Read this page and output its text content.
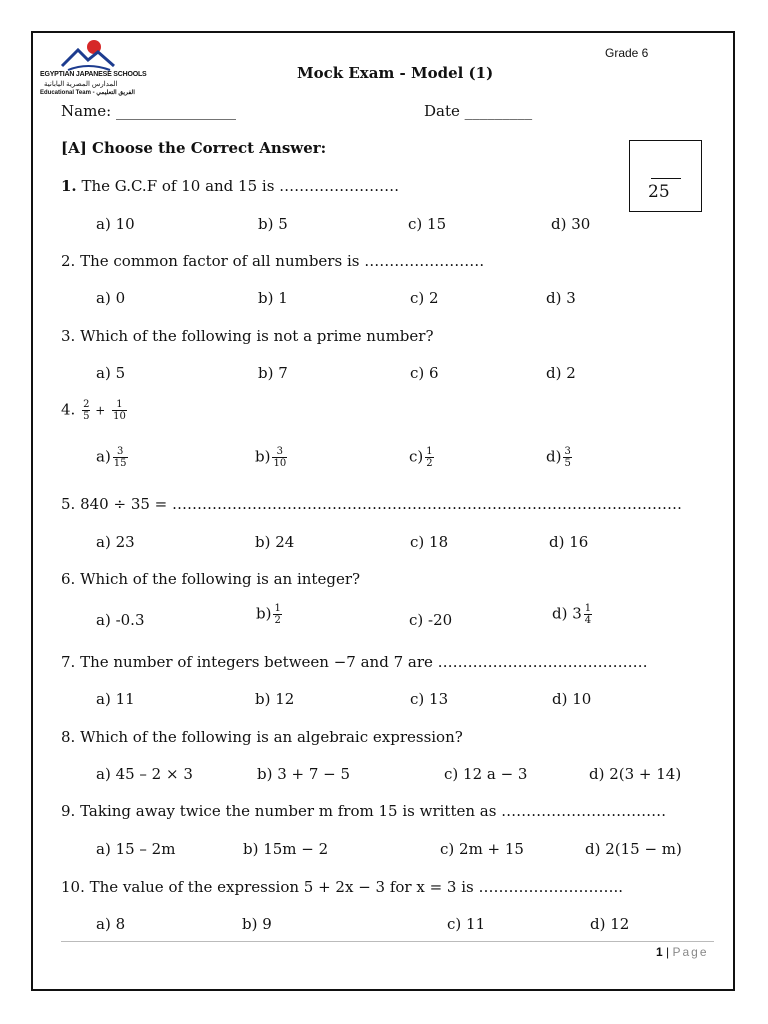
EGYPTIAN JAPANESE SCHOOLS
المدارس المصرية اليابانية
Educational Team - الفريق التعليمي
Grade 6
Mock Exam - Model (1)
Name: ________________	Date _________
[A] Choose the Correct Answer:
25
1. The G.C.F of 10 and 15 is ……………………
a) 10	b) 5	c) 15	d) 30
2. The common factor of all numbers is ……………………
a) 0	b) 1	c) 2	d) 3
3. Which of the following is not a prime number?
a) 5	b) 7	c) 6	d) 2
4. $\frac{2}{5} + \frac{1}{10}$
$a) \frac{3}{15}$	$b) \frac{3}{10}$	$c) \frac{1}{2}$	$d) \frac{3}{5}$
5. 840 ÷ 35 = …………………………………………………………………………………………
a) 23	b) 24	c) 18	d) 16
6. Which of the following is an integer?
a) -0.3	$b) \frac{1}{2}$	c) -20	d) $3 \frac{1}{4}$
7. The number of integers between −7 and 7 are ……………………………………
a) 11	b) 12	c) 13	d) 10
8. Which of the following is an algebraic expression?
a) 45 – 2 × 3	b) 3 + 7 − 5	c) 12 a − 3	d) 2(3 + 14)
9. Taking away twice the number m from 15 is written as ……………………………
a) 15 – 2m	b) 15m − 2	c) 2m + 15	d) 2(15 − m)
10. The value of the expression 5 + 2x − 3 for x = 3 is ………………………..
a) 8	b) 9	c) 11	d) 12
1 | Page
